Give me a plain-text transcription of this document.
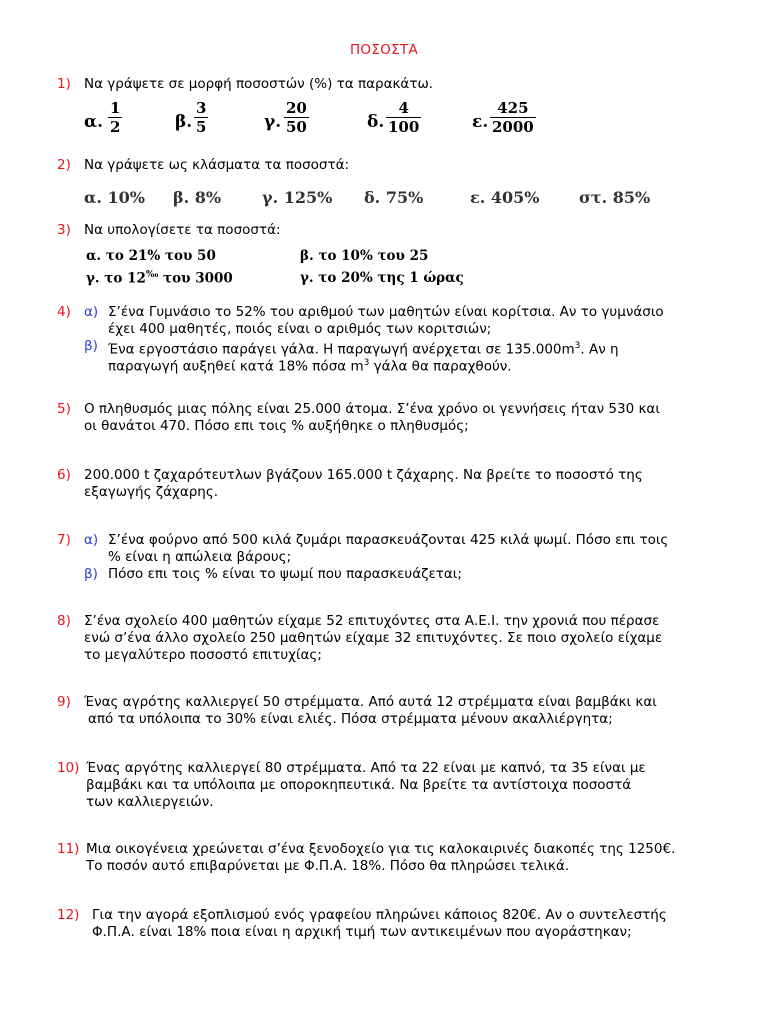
ΠΟΣΟΣΤΑ
1) Να γράψετε σε μορφή ποσοστών (%) τα παρακάτω.
α. $\frac{1}{2}$	β. $\frac{3}{5}$	γ. $\frac{20}{50}$	δ. $\frac{4}{100}$	ε. $\frac{425}{2000}$
2) Να γράψετε ως κλάσματα τα ποσοστά:
α. 10% β. 8%	γ. 125% δ. 75%	ε. 405% στ. 85%
3) Να υπολογίσετε τα ποσοστά:
α. το 21% του 50	β. το 10% του 25
γ. το 12‰ του 3000	γ. το 20% της 1 ώρας
4) α) Σ’ένα Γυμνάσιο το 52% του αριθμού των μαθητών είναι κορίτσια. Αν το γυμνάσιο
έχει 400 μαθητές, ποιός είναι ο αριθμός των κοριτσιών;
β) Ένα εργοστάσιο παράγει γάλα. Η παραγωγή ανέρχεται σε $135.000m^3$. Αν η
παραγωγή αυξηθεί κατά 18% πόσα $m^3$ γάλα θα παραχθούν.
5) Ο πληθυσμός μιας πόλης είναι 25.000 άτομα. Σ’ένα χρόνο οι γεννήσεις ήταν 530 και
οι θανάτοι 470. Πόσο επι τοις % αυξήθηκε ο πληθυσμός;
6) 200.000 t ζαχαρότευτλων βγάζουν 165.000 t ζάχαρης. Να βρείτε το ποσοστό της
εξαγωγής ζάχαρης.
7) α) Σ’ένα φούρνο από 500 κιλά ζυμάρι παρασκευάζονται 425 κιλά ψωμί. Πόσο επι τοις
% είναι η απώλεια βάρους;
β) Πόσο επι τοις % είναι το ψωμί που παρασκευάζεται;
8) Σ’ένα σχολείο 400 μαθητών είχαμε 52 επιτυχόντες στα Α.Ε.Ι. την χρονιά που πέρασε
ενώ σ’ένα άλλο σχολείο 250 μαθητών είχαμε 32 επιτυχόντες. Σε ποιο σχολείο είχαμε
το μεγαλύτερο ποσοστό επιτυχίας;
9) Ένας αγρότης καλλιεργεί 50 στρέμματα. Από αυτά 12 στρέμματα είναι βαμβάκι και
από τα υπόλοιπα το 30% είναι ελιές. Πόσα στρέμματα μένουν ακαλλιέργητα;
10) Ένας αργότης καλλιεργεί 80 στρέμματα. Από τα 22 είναι με καπνό, τα 35 είναι με
βαμβάκι και τα υπόλοιπα με οποροκηπευτικά. Να βρείτε τα αντίστοιχα ποσοστά
των καλλιεργειών.
11) Μια οικογένεια χρεώνεται σ’ένα ξενοδοχείο για τις καλοκαιρινές διακοπές της 1250€.
Το ποσόν αυτό επιβαρύνεται με Φ.Π.Α. 18%. Πόσο θα πληρώσει τελικά.
12) Για την αγορά εξοπλισμού ενός γραφείου πληρώνει κάποιος 820€. Αν ο συντελεστής
Φ.Π.Α. είναι 18% ποια είναι η αρχική τιμή των αντικειμένων που αγοράστηκαν;
